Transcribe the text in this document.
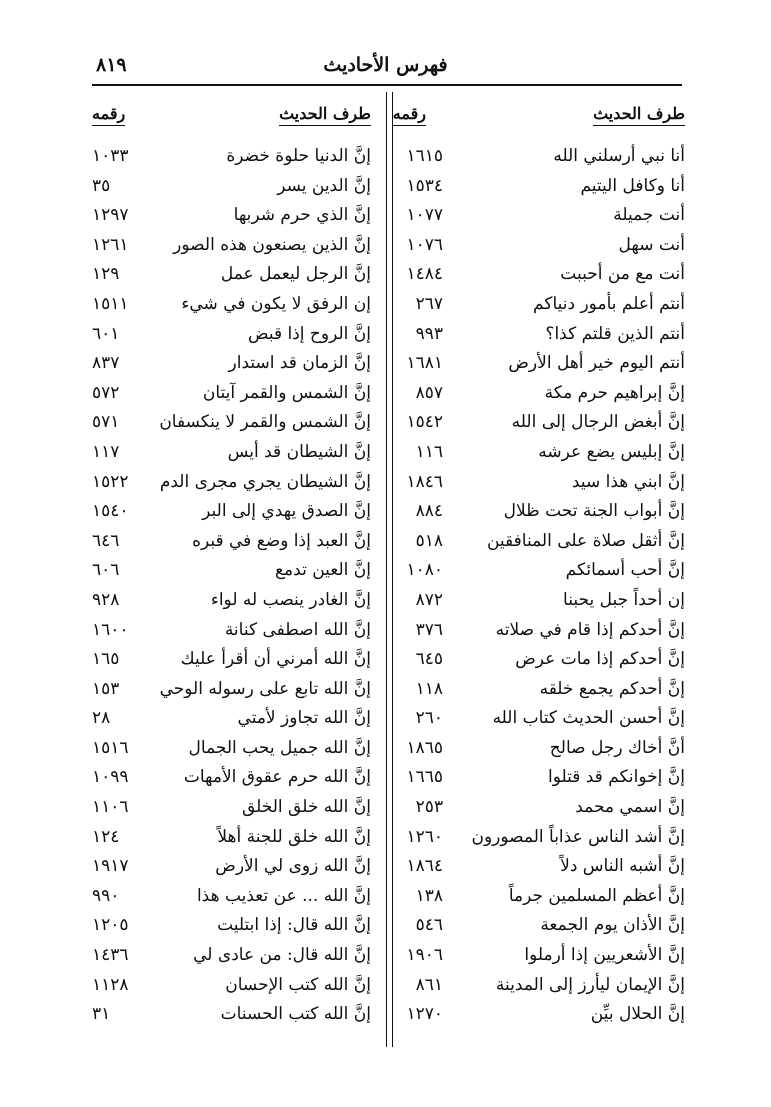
فهرس الأحاديث
٨١٩
طرف الحديث
رقمه
طرف الحديث
رقمه
أنا نبي أرسلني الله
١٦١٥
إنَّ الدنيا حلوة خضرة
١٠٣٣
أنا وكافل اليتيم
١٥٣٤
إنَّ الدين يسر
٣٥
أنت جميلة
١٠٧٧
إنَّ الذي حرم شربها
١٢٩٧
أنت سهل
١٠٧٦
إنَّ الذين يصنعون هذه الصور
١٢٦١
أنت مع من أحببت
١٤٨٤
إنَّ الرجل ليعمل عمل
١٢٩
أنتم أعلم بأمور دنياكم
٢٦٧
إن الرفق لا يكون في شيء
١٥١١
أنتم الذين قلتم كذا؟
٩٩٣
إنَّ الروح إذا قبض
٦٠١
أنتم اليوم خير أهل الأرض
١٦٨١
إنَّ الزمان قد استدار
٨٣٧
إنَّ إبراهيم حرم مكة
٨٥٧
إنَّ الشمس والقمر آيتان
٥٧٢
إنَّ أبغض الرجال إلى الله
١٥٤٢
إنَّ الشمس والقمر لا ينكسفان
٥٧١
إنَّ إبليس يضع عرشه
١١٦
إنَّ الشيطان قد أيس
١١٧
إنَّ ابني هذا سيد
١٨٤٦
إنَّ الشيطان يجري مجرى الدم
١٥٢٢
إنَّ أبواب الجنة تحت ظلال
٨٨٤
إنَّ الصدق يهدي إلى البر
١٥٤٠
إنَّ أثقل صلاة على المنافقين
٥١٨
إنَّ العبد إذا وضع في قبره
٦٤٦
إنَّ أحب أسمائكم
١٠٨٠
إنَّ العين تدمع
٦٠٦
إن أحداً جبل يحبنا
٨٧٢
إنَّ الغادر ينصب له لواء
٩٢٨
إنَّ أحدكم إذا قام في صلاته
٣٧٦
إنَّ الله اصطفى كنانة
١٦٠٠
إنَّ أحدكم إذا مات عرض
٦٤٥
إنَّ الله أمرني أن أقرأ عليك
١٦٥
إنَّ أحدكم يجمع خلقه
١١٨
إنَّ الله تابع على رسوله الوحي
١٥٣
إنَّ أحسن الحديث كتاب الله
٢٦٠
إنَّ الله تجاوز لأمتي
٢٨
أنَّ أخاك رجل صالح
١٨٦٥
إنَّ الله جميل يحب الجمال
١٥١٦
إنَّ إخوانكم قد قتلوا
١٦٦٥
إنَّ الله حرم عقوق الأمهات
١٠٩٩
إنَّ اسمي محمد
٢٥٣
إنَّ الله خلق الخلق
١١٠٦
إنَّ أشد الناس عذاباً المصورون
١٢٦٠
إنَّ الله خلق للجنة أهلاً
١٢٤
إنَّ أشبه الناس دلاً
١٨٦٤
إنَّ الله زوى لي الأرض
١٩١٧
إنَّ أعظم المسلمين جرماً
١٣٨
إنَّ الله ... عن تعذيب هذا
٩٩٠
إنَّ الأذان يوم الجمعة
٥٤٦
إنَّ الله قال: إذا ابتليت
١٢٠٥
إنَّ الأشعريين إذا أرملوا
١٩٠٦
إنَّ الله قال: من عادى لي
١٤٣٦
إنَّ الإيمان ليأرز إلى المدينة
٨٦١
إنَّ الله كتب الإحسان
١١٢٨
إنَّ الحلال بيِّن
١٢٧٠
إنَّ الله كتب الحسنات
٣١
